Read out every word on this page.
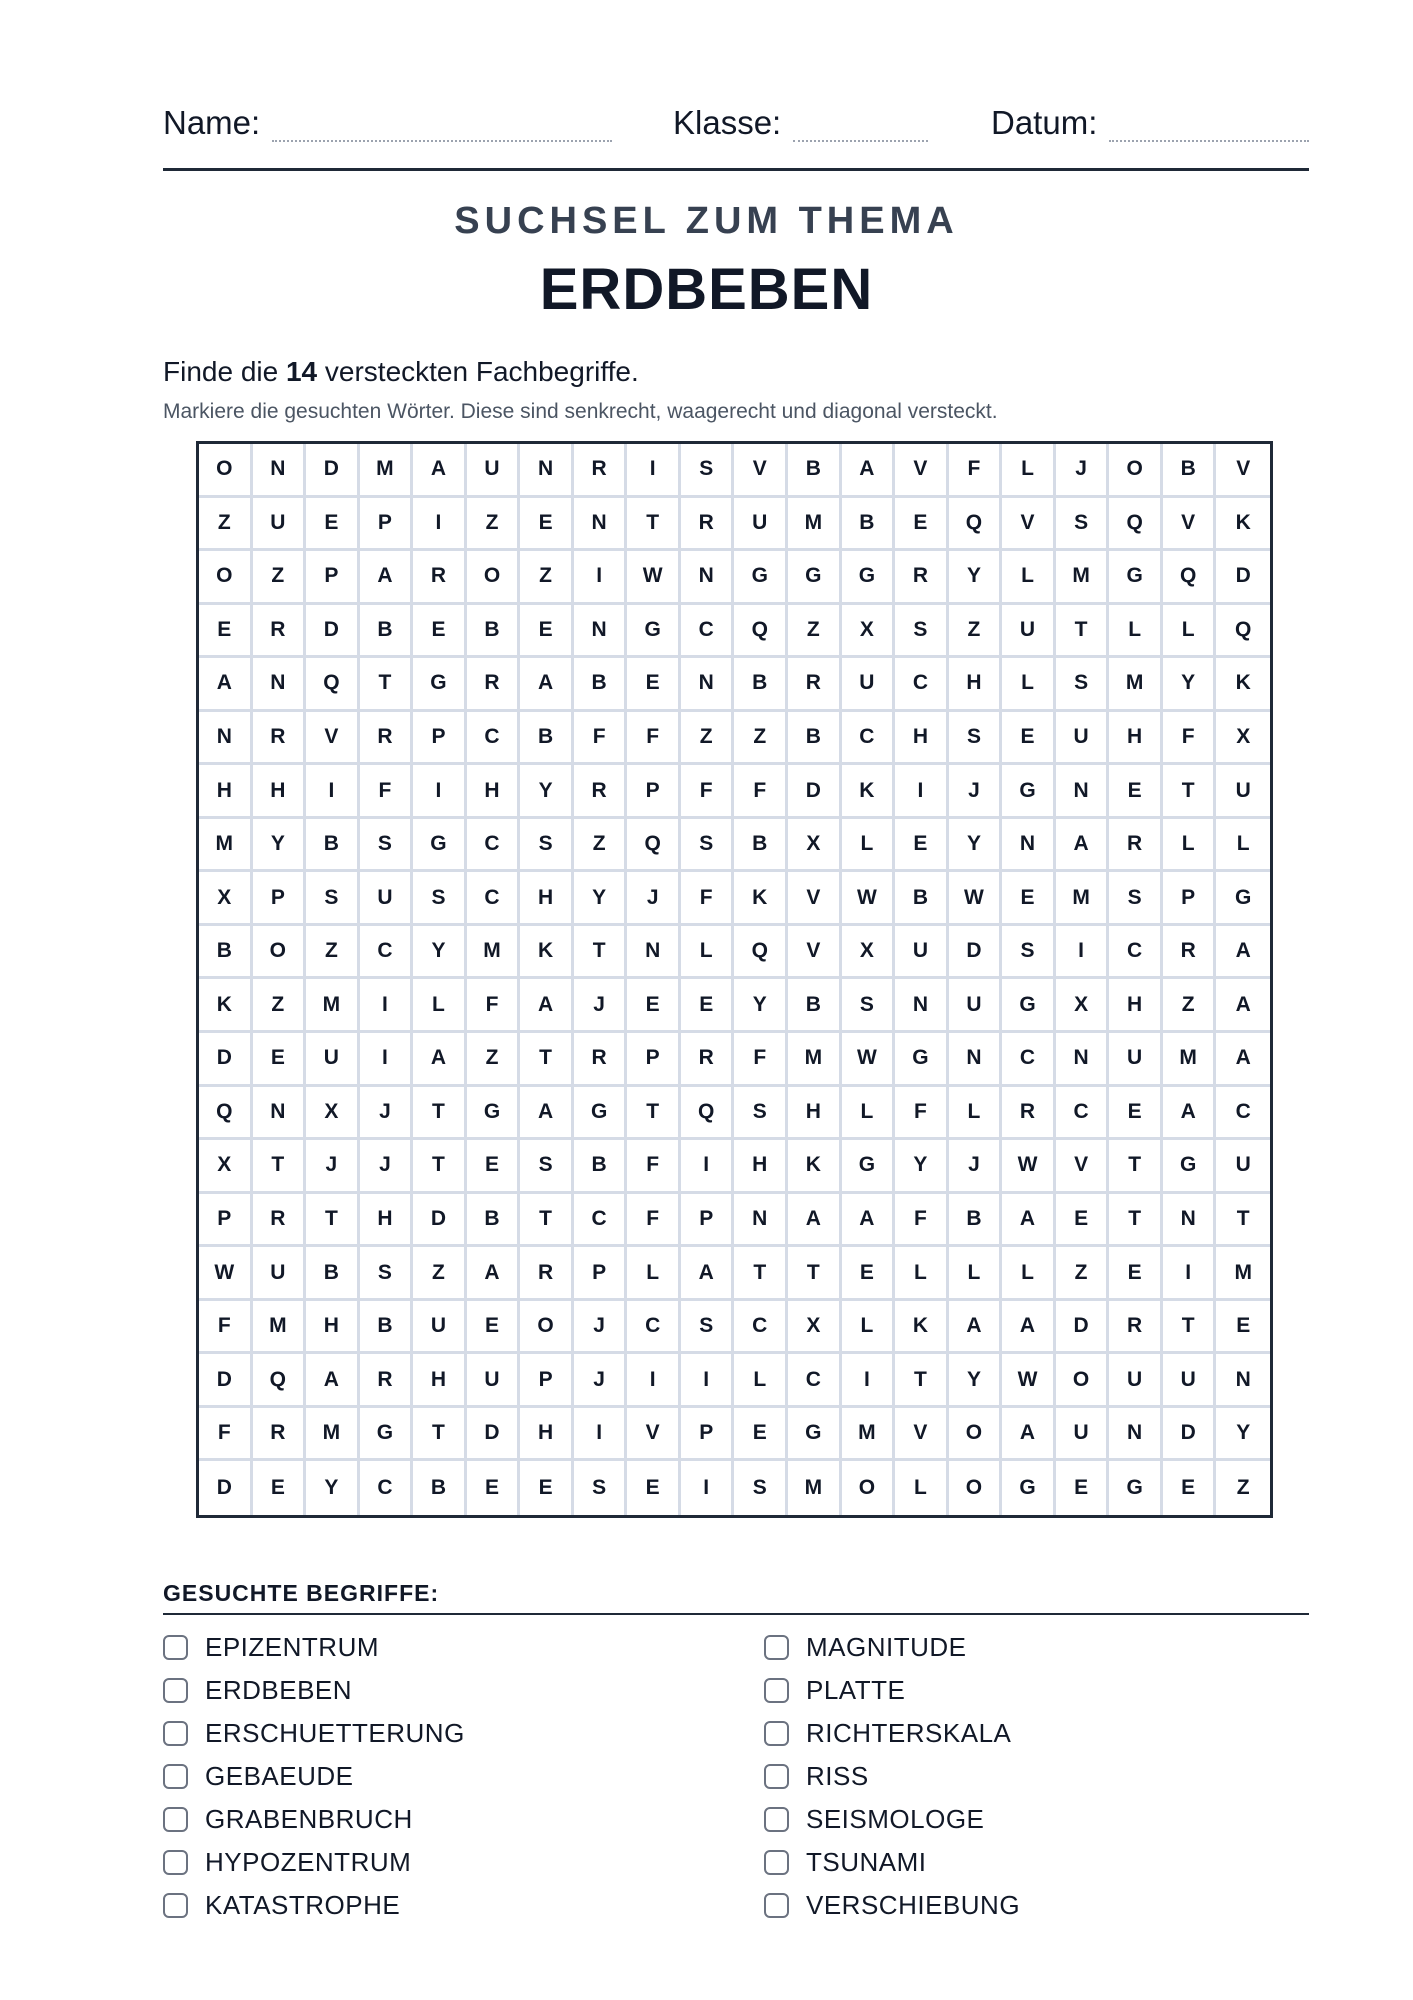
Name:	Klasse:	Datum:
SUCHSEL ZUM THEMA
ERDBEBEN
Finde die 14 versteckten Fachbegriffe.
Markiere die gesuchten Wörter. Diese sind senkrecht, waagerecht und diagonal versteckt.
O	N	D	M	A	U	N	R	I	S	V	B	A	V	F	L	J	O	B	V
Z	U	E	P	I	Z	E	N	T	R	U	M	B	E	Q	V	S	Q	V	K
O	Z	P	A	R	O	Z	I	W	N	G	G	G	R	Y	L	M	G	Q	D
E	R	D	B	E	B	E	N	G	C	Q	Z	X	S	Z	U	T	L	L	Q
A	N	Q	T	G	R	A	B	E	N	B	R	U	C	H	L	S	M	Y	K
N	R	V	R	P	C	B	F	F	Z	Z	B	C	H	S	E	U	H	F	X
H	H	I	F	I	H	Y	R	P	F	F	D	K	I	J	G	N	E	T	U
M	Y	B	S	G	C	S	Z	Q	S	B	X	L	E	Y	N	A	R	L	L
X	P	S	U	S	C	H	Y	J	F	K	V	W	B	W	E	M	S	P	G
B	O	Z	C	Y	M	K	T	N	L	Q	V	X	U	D	S	I	C	R	A
K	Z	M	I	L	F	A	J	E	E	Y	B	S	N	U	G	X	H	Z	A
D	E	U	I	A	Z	T	R	P	R	F	M	W	G	N	C	N	U	M	A
Q	N	X	J	T	G	A	G	T	Q	S	H	L	F	L	R	C	E	A	C
X	T	J	J	T	E	S	B	F	I	H	K	G	Y	J	W	V	T	G	U
P	R	T	H	D	B	T	C	F	P	N	A	A	F	B	A	E	T	N	T
W	U	B	S	Z	A	R	P	L	A	T	T	E	L	L	L	Z	E	I	M
F	M	H	B	U	E	O	J	C	S	C	X	L	K	A	A	D	R	T	E
D	Q	A	R	H	U	P	J	I	I	L	C	I	T	Y	W	O	U	U	N
F	R	M	G	T	D	H	I	V	P	E	G	M	V	O	A	U	N	D	Y
D	E	Y	C	B	E	E	S	E	I	S	M	O	L	O	G	E	G	E	Z
GESUCHTE BEGRIFFE:
EPIZENTRUM
ERDBEBEN
ERSCHUETTERUNG
GEBAEUDE
GRABENBRUCH
HYPOZENTRUM
KATASTROPHE
MAGNITUDE
PLATTE
RICHTERSKALA
RISS
SEISMOLOGE
TSUNAMI
VERSCHIEBUNG
